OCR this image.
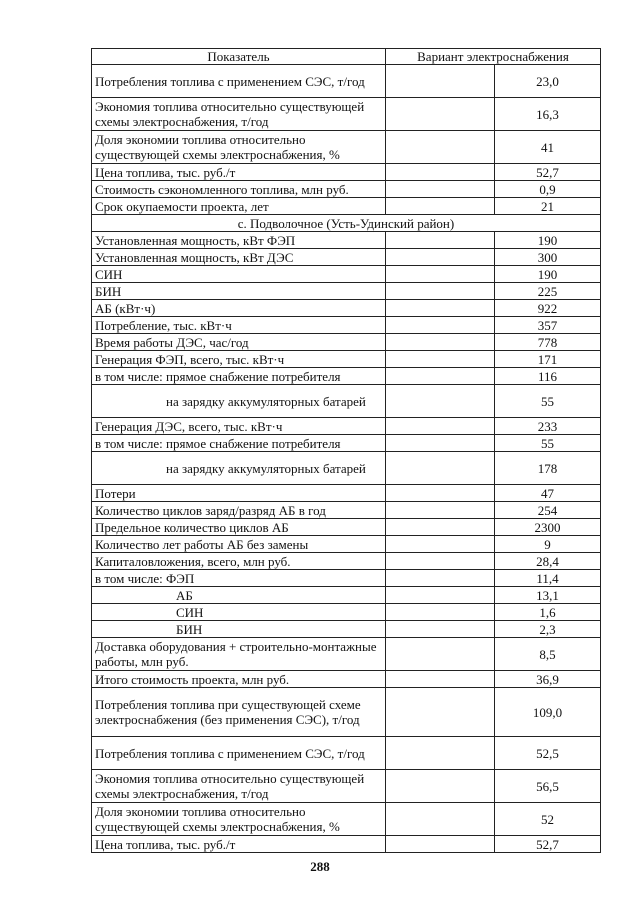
Показатель	Вариант электроснабжения	
Потребления топлива с применением СЭС, т/год		23,0
Экономия топлива относительно существующей схемы электроснабжения, т/год		16,3
Доля экономии топлива относительно существующей схемы электроснабжения, %		41
Цена топлива, тыс. руб./т		52,7
Стоимость сэкономленного топлива, млн руб.		0,9
Срок окупаемости проекта, лет		21
с. Подволочное (Усть-Удинский район)		
Установленная мощность, кВт ФЭП		190
Установленная мощность, кВт ДЭС		300
СИН		190
БИН		225
АБ (кВт·ч)		922
Потребление, тыс. кВт·ч		357
Время работы ДЭС, час/год		778
Генерация ФЭП, всего, тыс. кВт·ч		171
в том числе: прямое снабжение потребителя		116
на зарядку аккумуляторных батарей		55
Генерация ДЭС, всего, тыс. кВт·ч		233
в том числе: прямое снабжение потребителя		55
на зарядку аккумуляторных батарей		178
Потери		47
Количество циклов заряд/разряд АБ в год		254
Предельное количество циклов АБ		2300
Количество лет работы АБ без замены		9
Капиталовложения, всего, млн руб.		28,4
в том числе: ФЭП		11,4
АБ		13,1
СИН		1,6
БИН		2,3
Доставка оборудования + строительно-монтажные работы, млн руб.		8,5
Итого стоимость проекта, млн руб.		36,9
Потребления топлива при существующей схеме электроснабжения (без применения СЭС), т/год		109,0
Потребления топлива с применением СЭС, т/год		52,5
Экономия топлива относительно существующей схемы электроснабжения, т/год		56,5
Доля экономии топлива относительно существующей схемы электроснабжения, %		52
Цена топлива, тыс. руб./т		52,7
288
